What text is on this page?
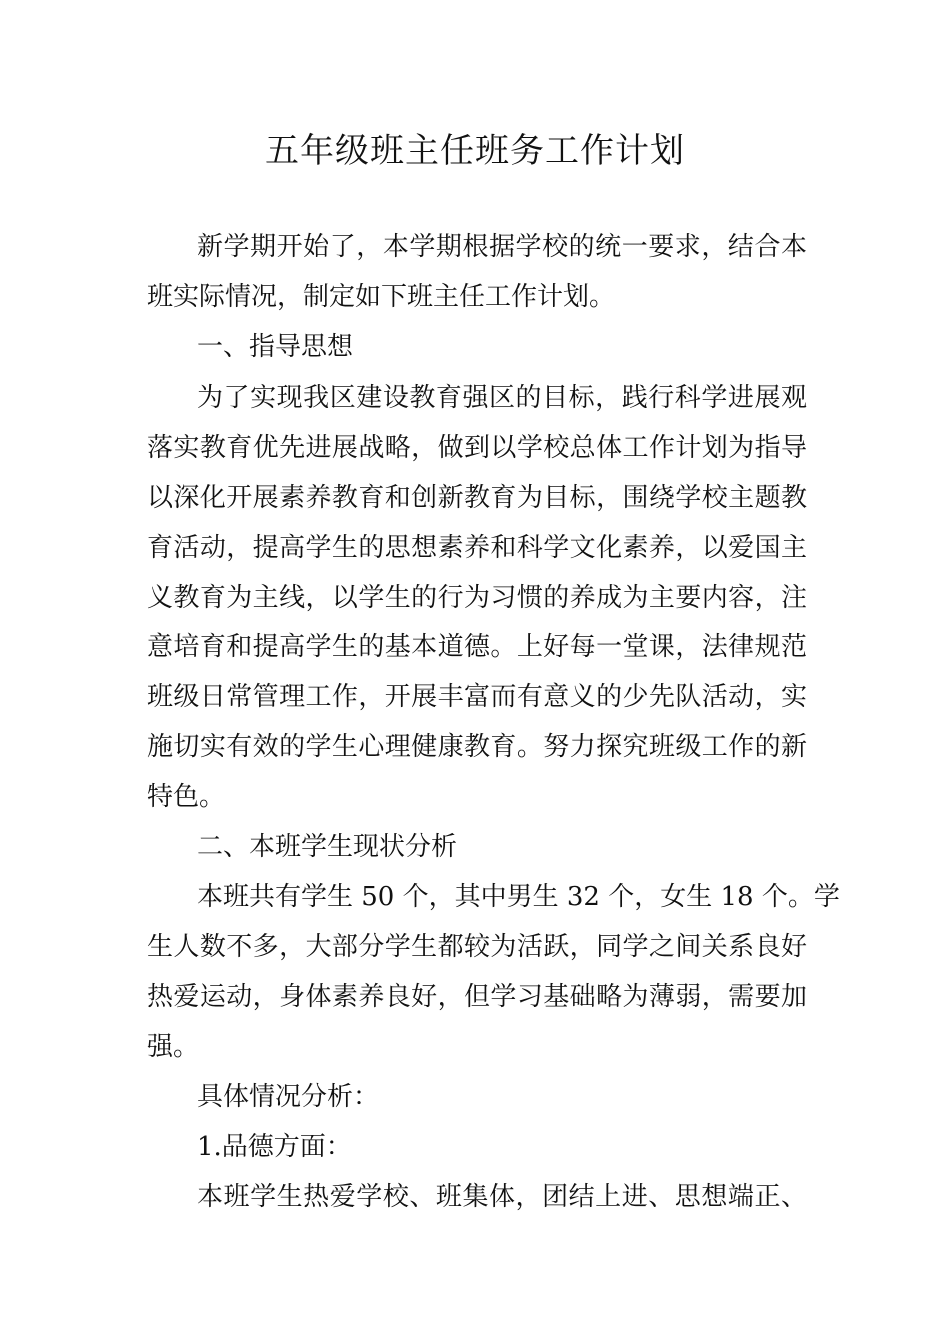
五年级班主任班务工作计划
新学期开始了，本学期根据学校的统一要求，结合本
班实际情况，制定如下班主任工作计划。
一、指导思想
为了实现我区建设教育强区的目标，践行科学进展观
落实教育优先进展战略，做到以学校总体工作计划为指导
以深化开展素养教育和创新教育为目标，围绕学校主题教
育活动，提高学生的思想素养和科学文化素养，以爱国主
义教育为主线，以学生的行为习惯的养成为主要内容，注
意培育和提高学生的基本道德。上好每一堂课，法律规范
班级日常管理工作，开展丰富而有意义的少先队活动，实
施切实有效的学生心理健康教育。努力探究班级工作的新
特色。
二、本班学生现状分析
本班共有学生 50 个，其中男生 32 个，女生 18 个。学
生人数不多，大部分学生都较为活跃，同学之间关系良好
热爱运动，身体素养良好，但学习基础略为薄弱，需要加
强。
具体情况分析：
1.品德方面：
本班学生热爱学校、班集体，团结上进、思想端正、
